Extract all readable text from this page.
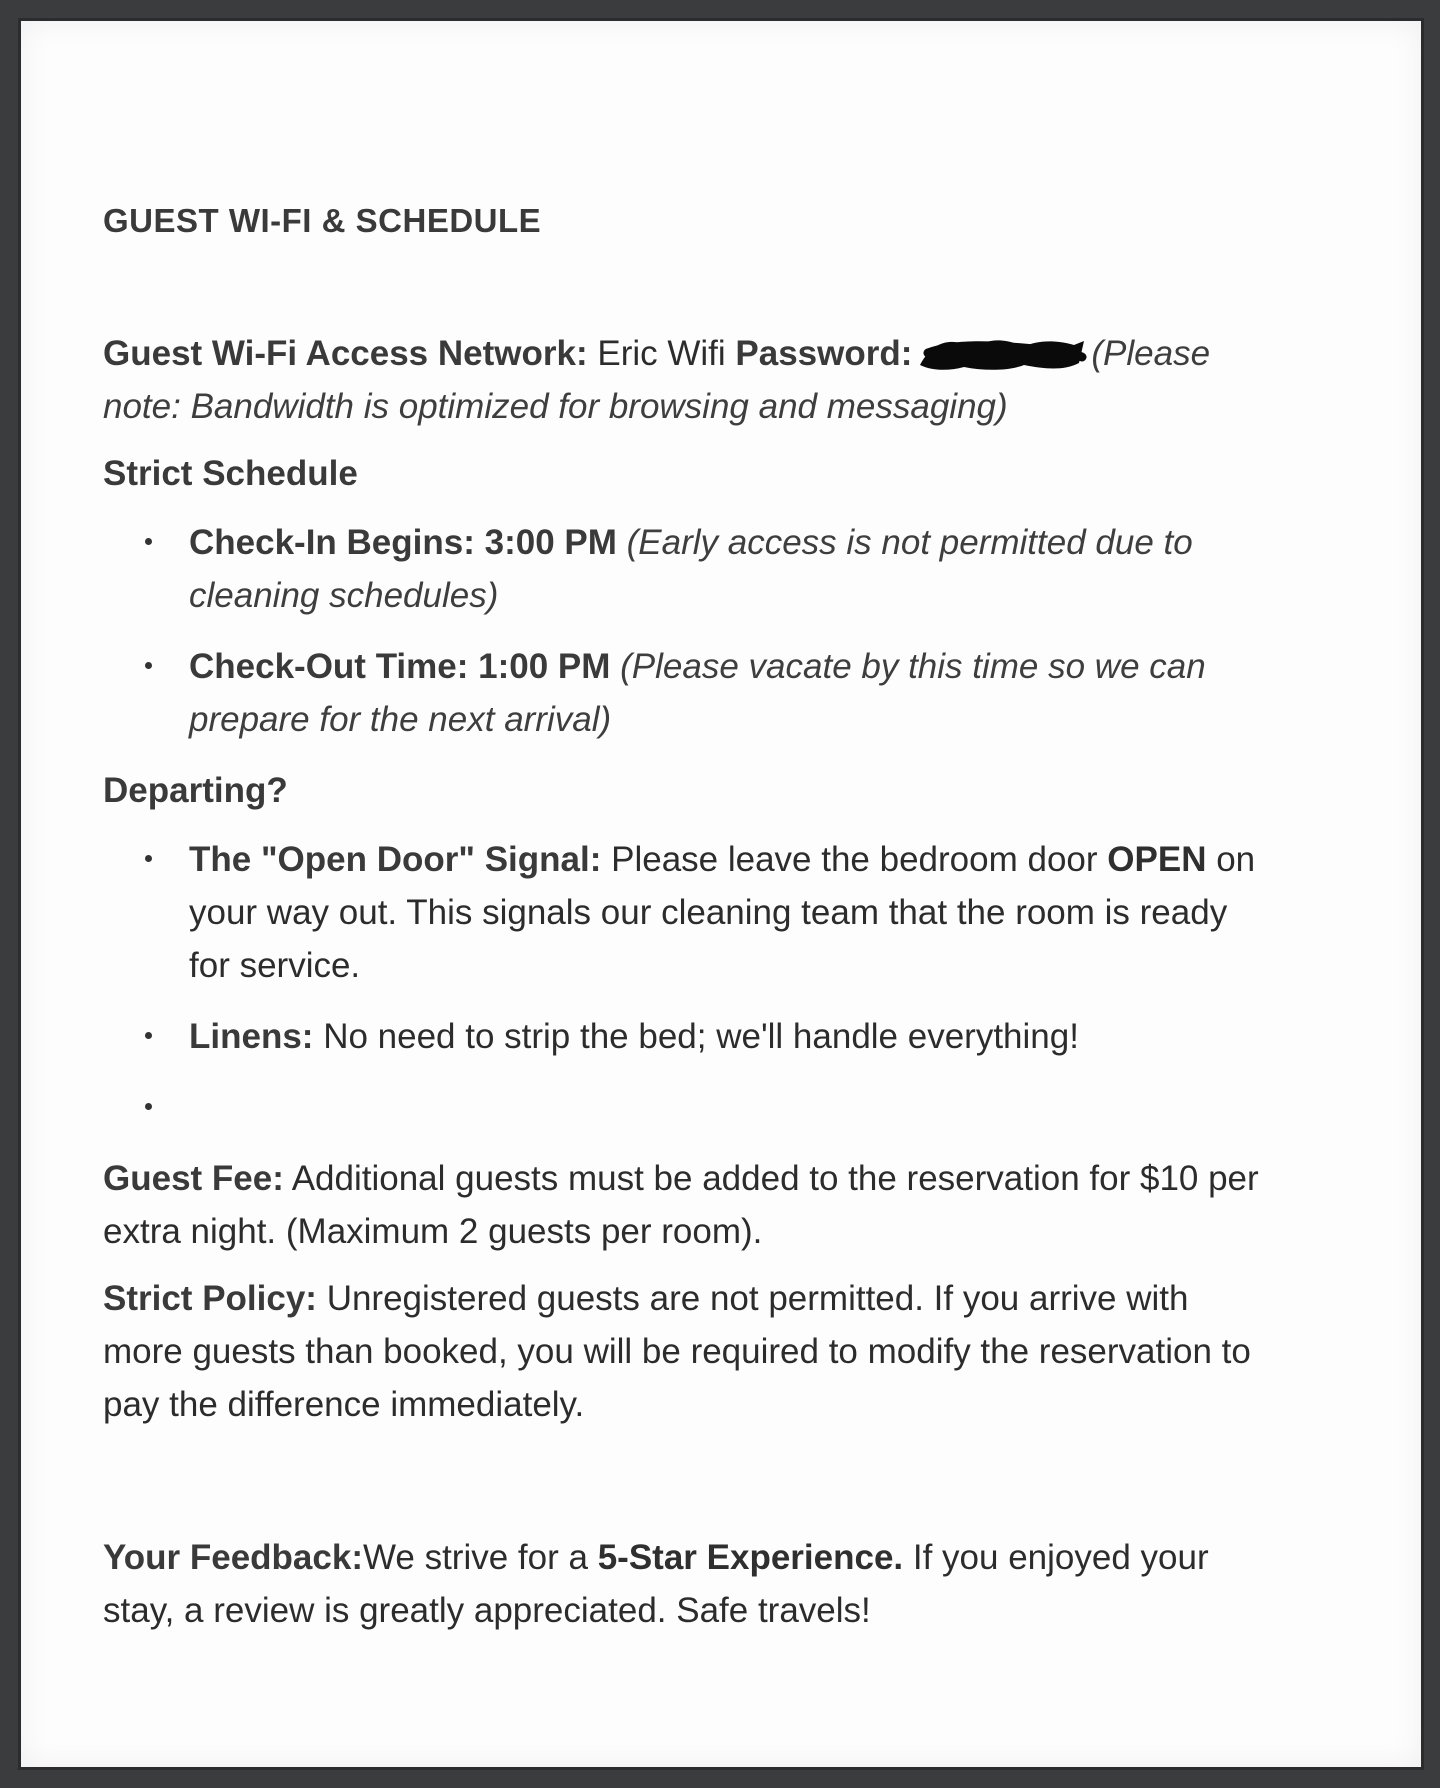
GUEST WI-FI & SCHEDULE

Guest Wi-Fi Access Network: Eric Wifi Password:	(Please note: Bandwidth is optimized for browsing and messaging)

Strict Schedule
Check-In Begins: 3:00 PM (Early access is not permitted due to cleaning schedules)
Check-Out Time: 1:00 PM (Please vacate by this time so we can prepare for the next arrival)
Departing?
The "Open Door" Signal: Please leave the bedroom door OPEN on your way out. This signals our cleaning team that the room is ready for service.
Linens: No need to strip the bed; we'll handle everything!

Guest Fee: Additional guests must be added to the reservation for $10 per extra night. (Maximum 2 guests per room).

Strict Policy: Unregistered guests are not permitted. If you arrive with more guests than booked, you will be required to modify the reservation to pay the difference immediately.

Your Feedback:We strive for a 5-Star Experience. If you enjoyed your stay, a review is greatly appreciated. Safe travels!
